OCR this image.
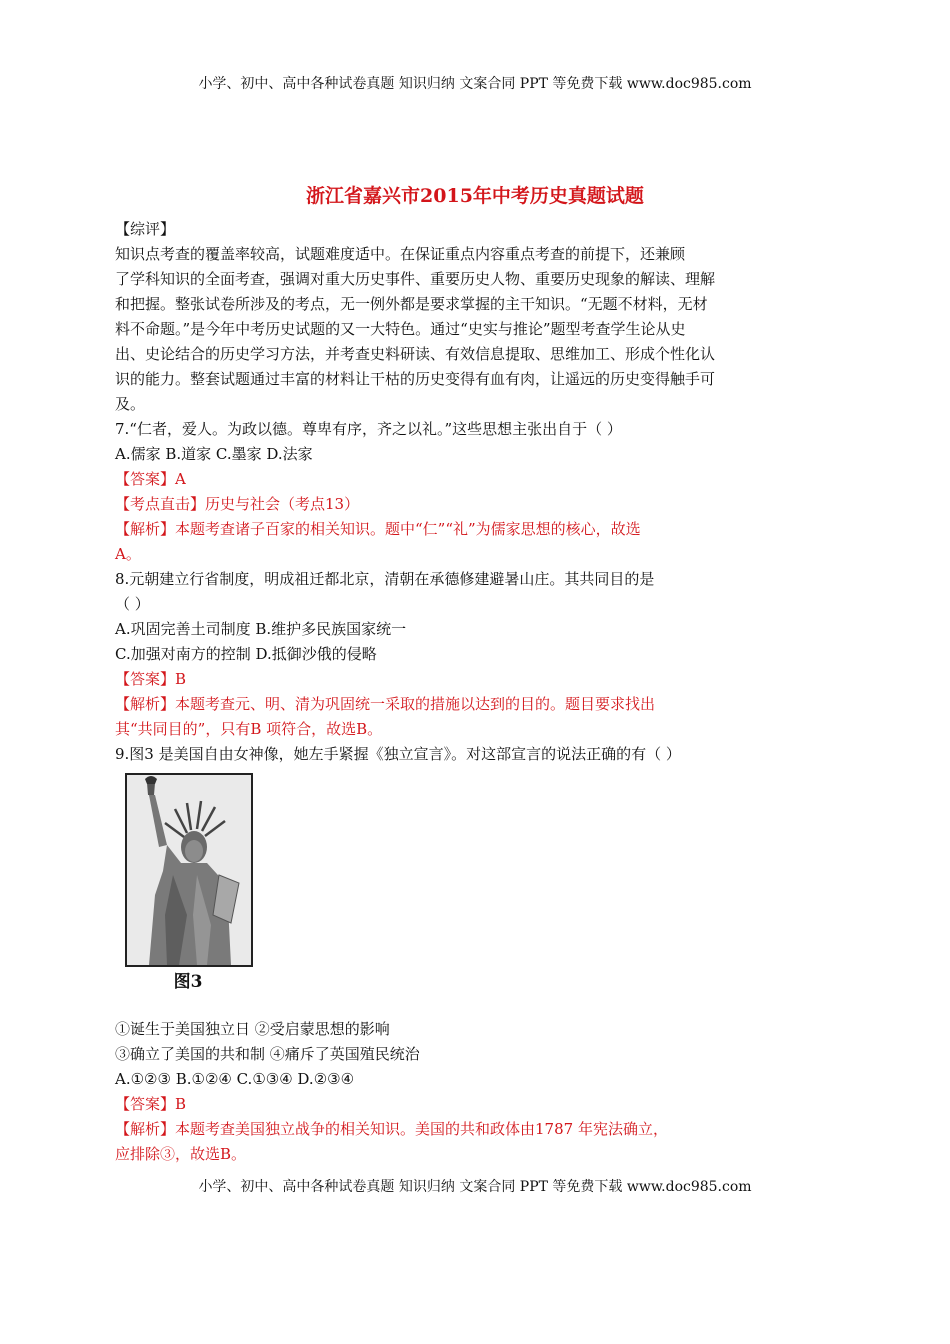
小学、初中、高中各种试卷真题 知识归纳 文案合同 PPT 等免费下载 www.doc985.com
浙江省嘉兴市2015年中考历史真题试题
【综评】
知识点考查的覆盖率较高，试题难度适中。在保证重点内容重点考查的前提下，还兼顾
了学科知识的全面考查，强调对重大历史事件、重要历史人物、重要历史现象的解读、理解
和把握。整张试卷所涉及的考点，无一例外都是要求掌握的主干知识。“无题不材料，无材
料不命题。”是今年中考历史试题的又一大特色。通过“史实与推论”题型考查学生论从史
出、史论结合的历史学习方法，并考查史料研读、有效信息提取、思维加工、形成个性化认
识的能力。整套试题通过丰富的材料让干枯的历史变得有血有肉，让遥远的历史变得触手可
及。
7.“仁者，爱人。为政以德。尊卑有序，齐之以礼。”这些思想主张出自于（ ）
A.儒家 B.道家 C.墨家 D.法家
【答案】A
【考点直击】历史与社会（考点13）
【解析】本题考查诸子百家的相关知识。题中“仁”“礼”为儒家思想的核心，故选
A。
8.元朝建立行省制度，明成祖迁都北京，清朝在承德修建避暑山庄。其共同目的是
（ ）
A.巩固完善土司制度 B.维护多民族国家统一
C.加强对南方的控制 D.抵御沙俄的侵略
【答案】B
【解析】本题考查元、明、清为巩固统一采取的措施以达到的目的。题目要求找出
其“共同目的”，只有B 项符合，故选B。
9.图3 是美国自由女神像，她左手紧握《独立宣言》。对这部宣言的说法正确的有（ ）
图3
①诞生于美国独立日 ②受启蒙思想的影响
③确立了美国的共和制 ④痛斥了英国殖民统治
A.①②③ B.①②④ C.①③④ D.②③④
【答案】B
【解析】本题考查美国独立战争的相关知识。美国的共和政体由1787 年宪法确立，
应排除③，故选B。
小学、初中、高中各种试卷真题 知识归纳 文案合同 PPT 等免费下载 www.doc985.com
